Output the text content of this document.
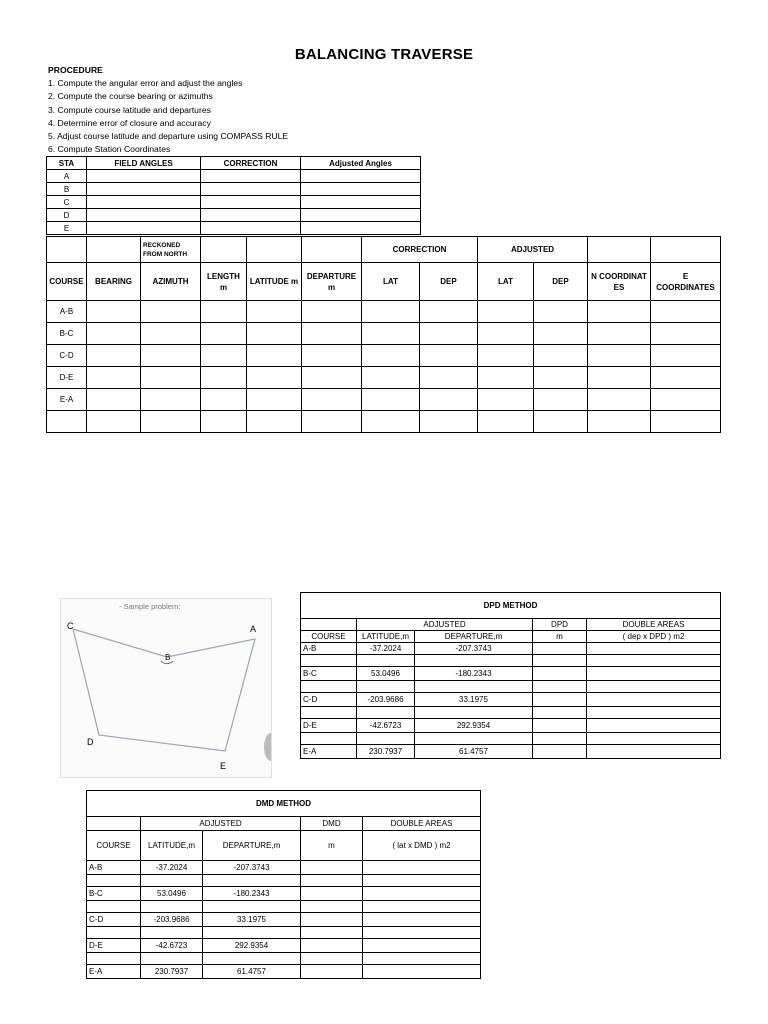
BALANCING TRAVERSE
PROCEDURE
1. Compute the angular error and adjust the angles
2. Compute the course bearing or azimuths
3. Compute course latitude and departures
4. Determine error of closure and accuracy
5. Adjust course latitude and departure using COMPASS RULE
6. Compute Station Coordinates
STA	FIELD ANGLES	CORRECTION	Adjusted Angles
A			
B			
C			
D			
E			
		RECKONED FROM NORTH				CORRECTION		ADJUSTED			
COURSE	BEARING	AZIMUTH	LENGTH m	LATITUDE m	DEPARTURE m	LAT	DEP	LAT	DEP	N COORDINATES	E COORDINATES
A-B											
B-C											
C-D											
D-E											
E-A											

- Sample problem:
C
B
A
D
E
DPD METHOD				
	ADJUSTED		DPD	DOUBLE AREAS
COURSE	LATITUDE,m	DEPARTURE,m	m	( dep x DPD ) m2
A-B	-37.2024	-207.3743		

B-C	53.0496	-180.2343		

C-D	-203.9686	33.1975		

D-E	-42.6723	292.9354		

E-A	230.7937	61.4757		
DMD METHOD				
	ADJUSTED		DMD	DOUBLE AREAS
COURSE	LATITUDE,m	DEPARTURE,m	m	( lat x DMD ) m2
A-B	-37.2024	-207.3743		

B-C	53.0496	-180.2343		

C-D	-203.9686	33.1975		

D-E	-42.6723	292.9354		

E-A	230.7937	61.4757		
